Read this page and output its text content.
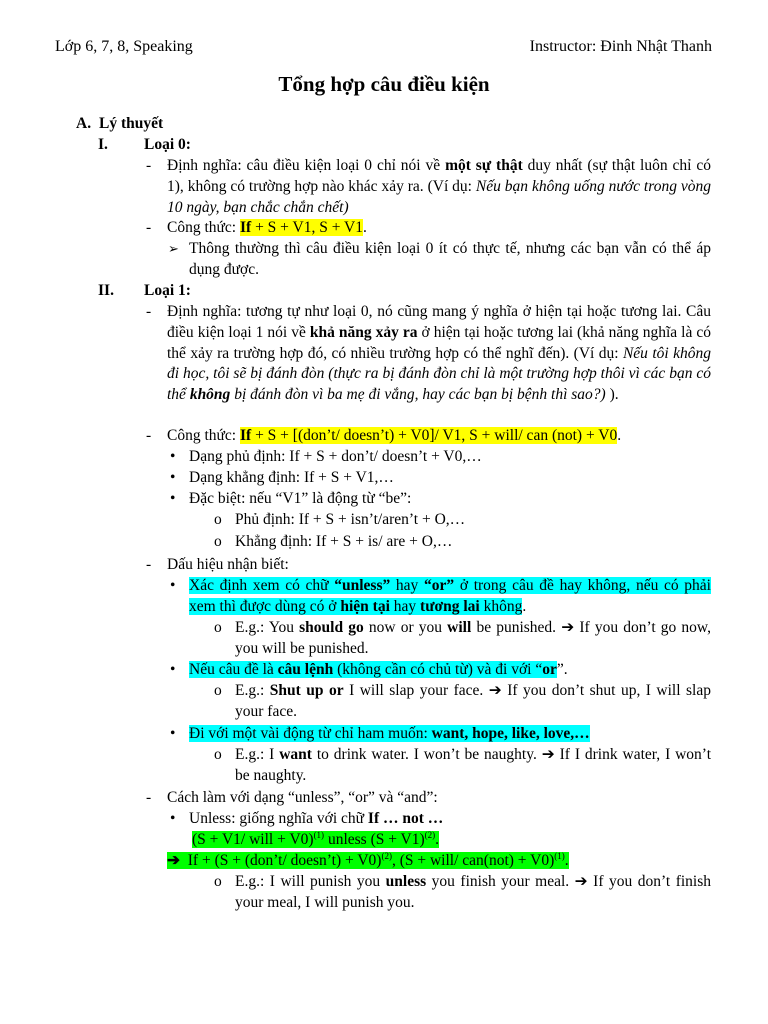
Lớp 6, 7, 8, Speaking	Instructor: Đinh Nhật Thanh
Tổng hợp câu điều kiện
A. Lý thuyết
I. Loại 0:
- Định nghĩa: câu điều kiện loại 0 chỉ nói về một sự thật duy nhất (sự thật luôn chỉ có 1), không có trường hợp nào khác xảy ra. (Ví dụ: Nếu bạn không uống nước trong vòng 10 ngày, bạn chắc chắn chết)
- Công thức: If + S + V1, S + V1.
➢ Thông thường thì câu điều kiện loại 0 ít có thực tế, nhưng các bạn vẫn có thể áp dụng được.
II. Loại 1:
- Định nghĩa: tương tự như loại 0, nó cũng mang ý nghĩa ở hiện tại hoặc tương lai. Câu điều kiện loại 1 nói về khả năng xảy ra ở hiện tại hoặc tương lai (khả năng nghĩa là có thể xảy ra trường hợp đó, có nhiều trường hợp có thể nghĩ đến). (Ví dụ: Nếu tôi không đi học, tôi sẽ bị đánh đòn (thực ra bị đánh đòn chỉ là một trường hợp thôi vì các bạn có thể không bị đánh đòn vì ba mẹ đi vắng, hay các bạn bị bệnh thì sao?) ).
- Công thức: If + S + [(don’t/ doesn’t) + V0]/ V1, S + will/ can (not) + V0.
• Dạng phủ định: If + S + don’t/ doesn’t + V0,…
• Dạng khẳng định: If + S + V1,…
• Đặc biệt: nếu “V1” là động từ “be”:
o Phủ định: If + S + isn’t/aren’t + O,…
o Khẳng định: If + S + is/ are + O,…
- Dấu hiệu nhận biết:
• Xác định xem có chữ “unless” hay “or” ở trong câu đề hay không, nếu có phải xem thì được dùng có ở hiện tại hay tương lai không.
o E.g.: You should go now or you will be punished. ➔ If you don’t go now, you will be punished.
• Nếu câu đề là câu lệnh (không cần có chủ từ) và đi với “or”.
o E.g.: Shut up or I will slap your face. ➔ If you don’t shut up, I will slap your face.
• Đi với một vài động từ chỉ ham muốn: want, hope, like, love,…
o E.g.: I want to drink water. I won’t be naughty. ➔ If I drink water, I won’t be naughty.
- Cách làm với dạng “unless”, “or” và “and”:
• Unless: giống nghĩa với chữ If … not …
(S + V1/ will + V0)$^{(1)}$ unless $(S + V1)^{(2)}$.
➔  If + (S + (don’t/ doesn’t) + V0)$^{(2)}$, (S + will/ can(not) + V0)$^{(1)}$.
o E.g.: I will punish you unless you finish your meal. ➔ If you don’t finish your meal, I will punish you.
